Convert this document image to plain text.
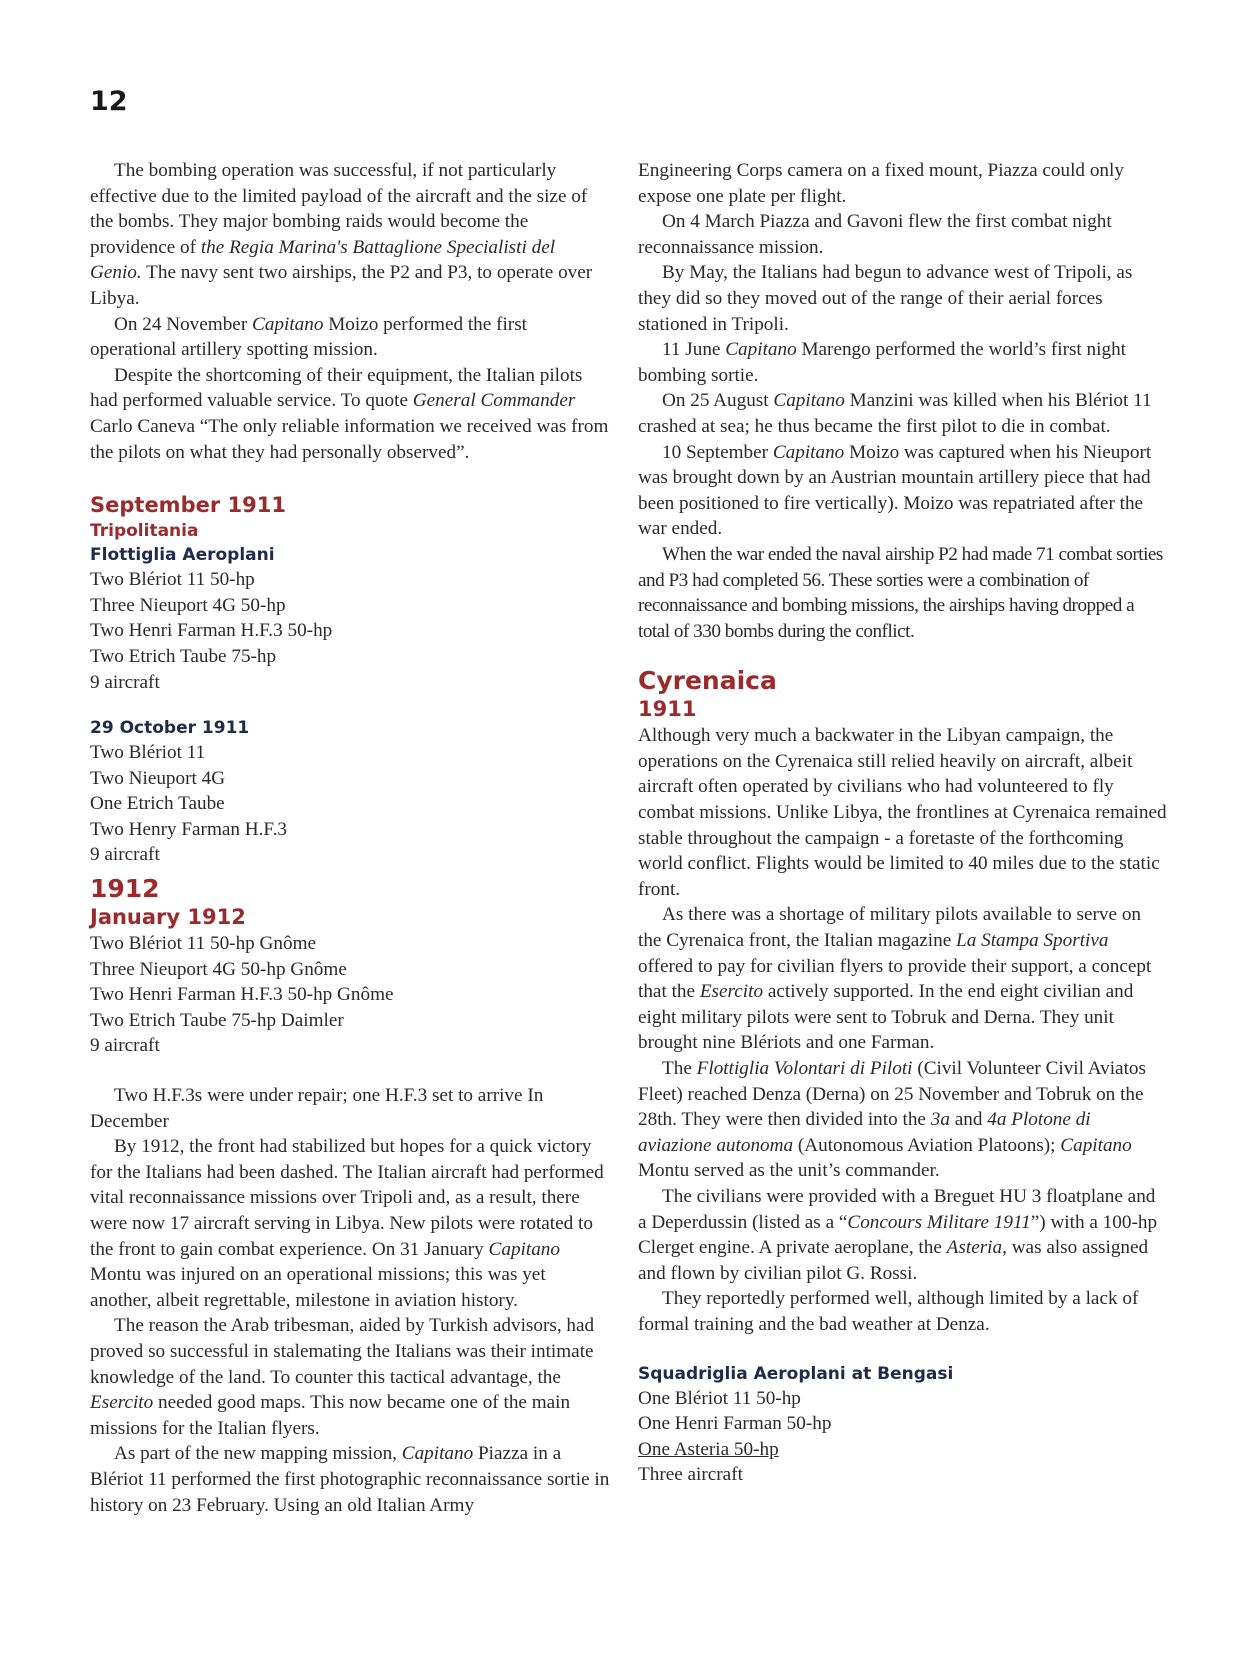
12

The bombing operation was successful, if not particularly effective due to the limited payload of the aircraft and the size of the bombs. They major bombing raids would become the providence of the Regia Marina's Battaglione Specialisti del Genio. The navy sent two airships, the P2 and P3, to operate over Libya.

On 24 November Capitano Moizo performed the first operational artillery spotting mission.

Despite the shortcoming of their equipment, the Italian pilots had performed valuable service. To quote General Commander Carlo Caneva “The only reliable information we received was from the pilots on what they had personally observed”.

September 1911
Tripolitania
Flottiglia Aeroplani
Two Blériot 11 50-hp
Three Nieuport 4G 50-hp
Two Henri Farman H.F.3 50-hp
Two Etrich Taube 75-hp
9 aircraft
29 October 1911
Two Blériot 11
Two Nieuport 4G
One Etrich Taube
Two Henry Farman H.F.3
9 aircraft
1912
January 1912
Two Blériot 11 50-hp Gnôme
Three Nieuport 4G 50-hp Gnôme
Two Henri Farman H.F.3 50-hp Gnôme
Two Etrich Taube 75-hp Daimler
9 aircraft

Two H.F.3s were under repair; one H.F.3 set to arrive In December

By 1912, the front had stabilized but hopes for a quick victory for the Italians had been dashed. The Italian aircraft had performed vital reconnaissance missions over Tripoli and, as a result, there were now 17 aircraft serving in Libya. New pilots were rotated to the front to gain combat experience. On 31 January Capitano Montu was injured on an operational missions; this was yet another, albeit regrettable, milestone in aviation history.

The reason the Arab tribesman, aided by Turkish advisors, had proved so successful in stalemating the Italians was their intimate knowledge of the land. To counter this tactical advantage, the Esercito needed good maps. This now became one of the main missions for the Italian flyers.

As part of the new mapping mission, Capitano Piazza in a Blériot 11 performed the first photographic reconnaissance sortie in history on 23 February. Using an old Italian Army

Engineering Corps camera on a fixed mount, Piazza could only expose one plate per flight.

On 4 March Piazza and Gavoni flew the first combat night reconnaissance mission.

By May, the Italians had begun to advance west of Tripoli, as they did so they moved out of the range of their aerial forces stationed in Tripoli.

11 June Capitano Marengo performed the world’s first night bombing sortie.

On 25 August Capitano Manzini was killed when his Blériot 11 crashed at sea; he thus became the first pilot to die in combat.

10 September Capitano Moizo was captured when his Nieuport was brought down by an Austrian mountain artillery piece that had been positioned to fire vertically). Moizo was repatriated after the war ended.

When the war ended the naval airship P2 had made 71 combat sorties and P3 had completed 56. These sorties were a combination of reconnaissance and bombing missions, the airships having dropped a total of 330 bombs during the conflict.

Cyrenaica
1911

Although very much a backwater in the Libyan campaign, the operations on the Cyrenaica still relied heavily on aircraft, albeit aircraft often operated by civilians who had volunteered to fly combat missions. Unlike Libya, the frontlines at Cyrenaica remained stable throughout the campaign - a foretaste of the forthcoming world conflict. Flights would be limited to 40 miles due to the static front.

As there was a shortage of military pilots available to serve on the Cyrenaica front, the Italian magazine La Stampa Sportiva offered to pay for civilian flyers to provide their support, a concept that the Esercito actively supported. In the end eight civilian and eight military pilots were sent to Tobruk and Derna. They unit brought nine Blériots and one Farman.

The Flottiglia Volontari di Piloti (Civil Volunteer Civil Aviatos Fleet) reached Denza (Derna) on 25 November and Tobruk on the 28th. They were then divided into the 3a and 4a Plotone di aviazione autonoma (Autonomous Aviation Platoons); Capitano Montu served as the unit’s commander.

The civilians were provided with a Breguet HU 3 floatplane and a Deperdussin (listed as a “Concours Militare 1911”) with a 100-hp Clerget engine. A private aeroplane, the Asteria, was also assigned and flown by civilian pilot G. Rossi.

They reportedly performed well, although limited by a lack of formal training and the bad weather at Denza.

Squadriglia Aeroplani at Bengasi
One Blériot 11 50-hp
One Henri Farman 50-hp
One Asteria 50-hp
Three aircraft
